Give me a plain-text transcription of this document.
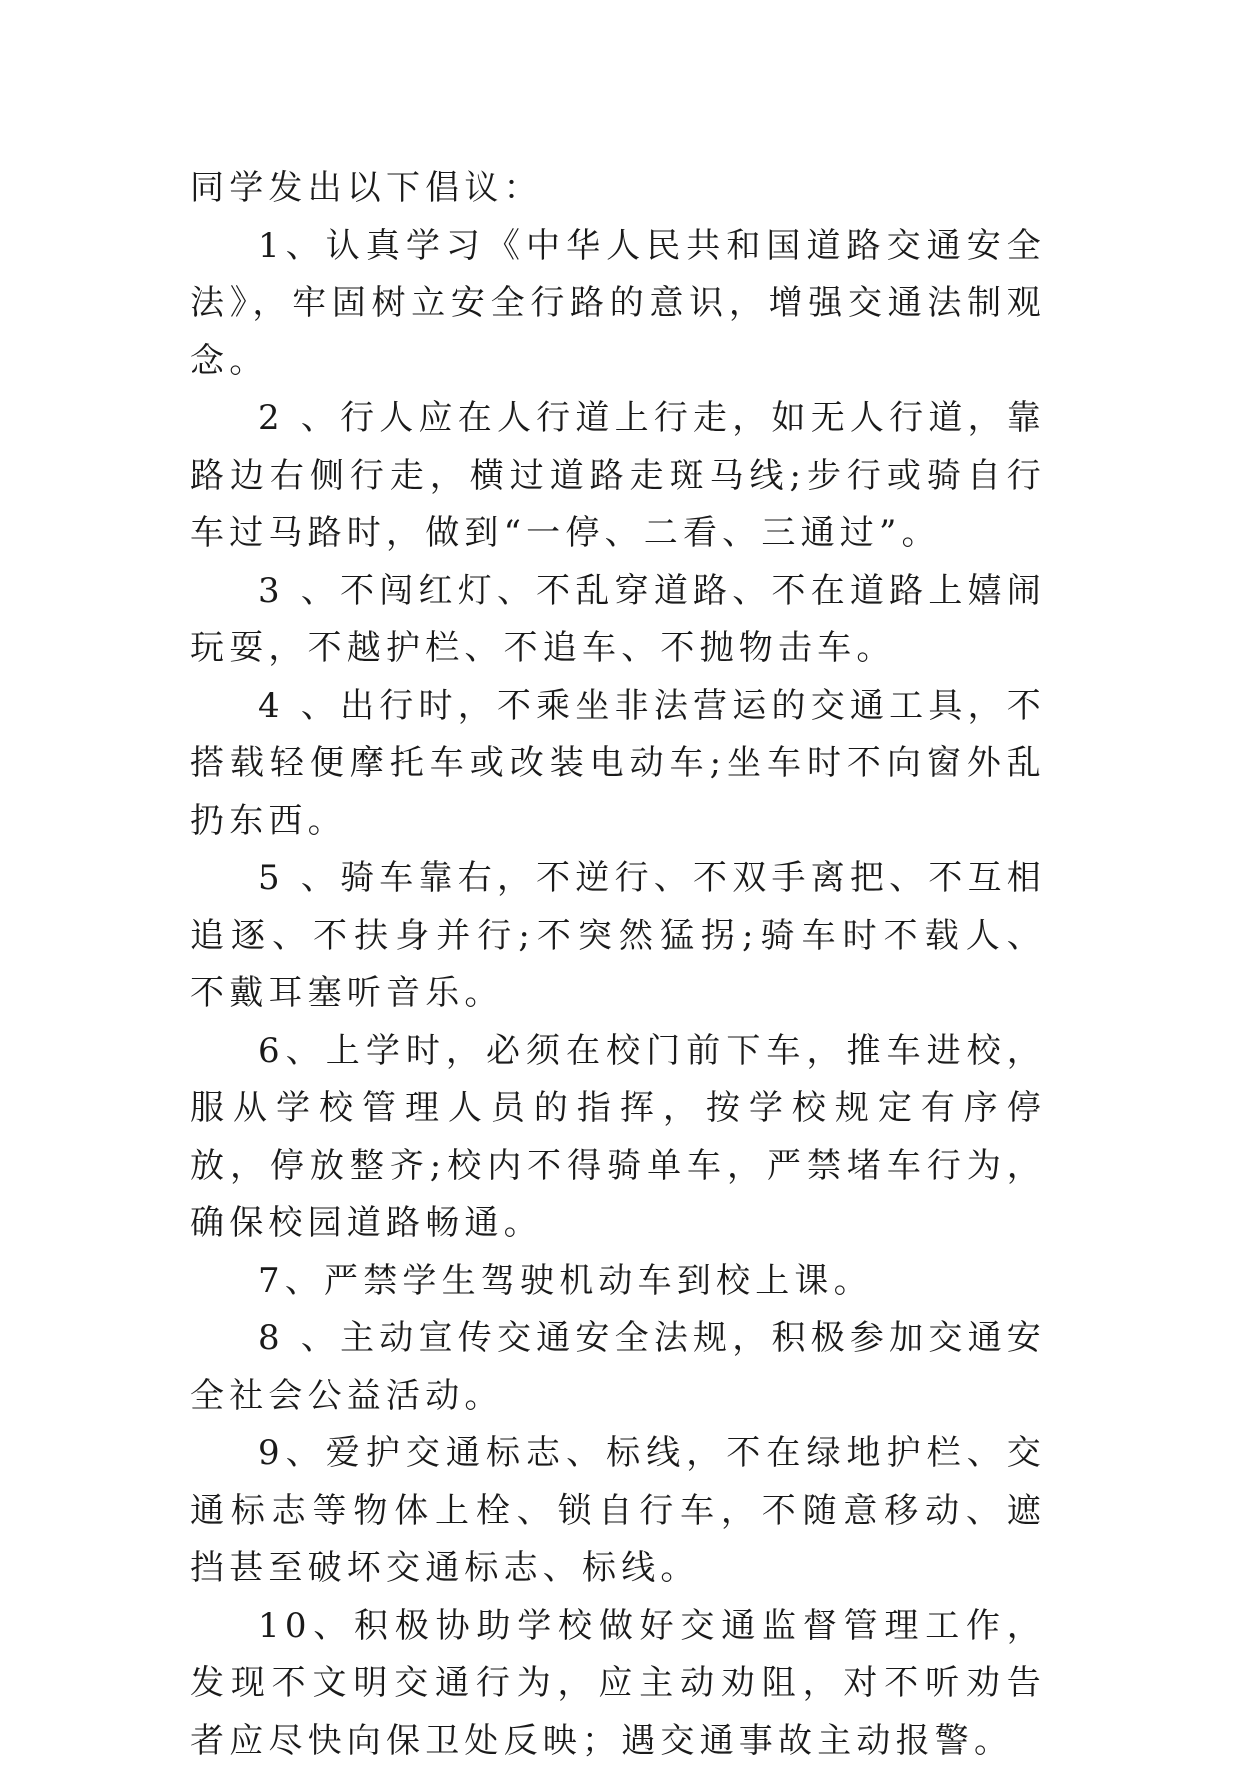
同学发出以下倡议：

1、认真学习《中华人民共和国道路交通安全法》，牢固树立安全行路的意识，增强交通法制观念。

2 、行人应在人行道上行走，如无人行道，靠路边右侧行走，横过道路走斑马线;步行或骑自行车过马路时，做到“一停、二看、三通过”。

3 、不闯红灯、不乱穿道路、不在道路上嬉闹玩耍，不越护栏、不追车、不抛物击车。

4 、出行时，不乘坐非法营运的交通工具，不搭载轻便摩托车或改装电动车;坐车时不向窗外乱扔东西。

5 、骑车靠右，不逆行、不双手离把、不互相追逐、不扶身并行;不突然猛拐;骑车时不载人、不戴耳塞听音乐。

6、上学时，必须在校门前下车，推车进校，服从学校管理人员的指挥，按学校规定有序停放，停放整齐;校内不得骑单车，严禁堵车行为，确保校园道路畅通。

7、严禁学生驾驶机动车到校上课。

8 、主动宣传交通安全法规，积极参加交通安全社会公益活动。

9、爱护交通标志、标线，不在绿地护栏、交通标志等物体上栓、锁自行车，不随意移动、遮挡甚至破坏交通标志、标线。

10、积极协助学校做好交通监督管理工作，发现不文明交通行为，应主动劝阻，对不听劝告者应尽快向保卫处反映；遇交通事故主动报警。
